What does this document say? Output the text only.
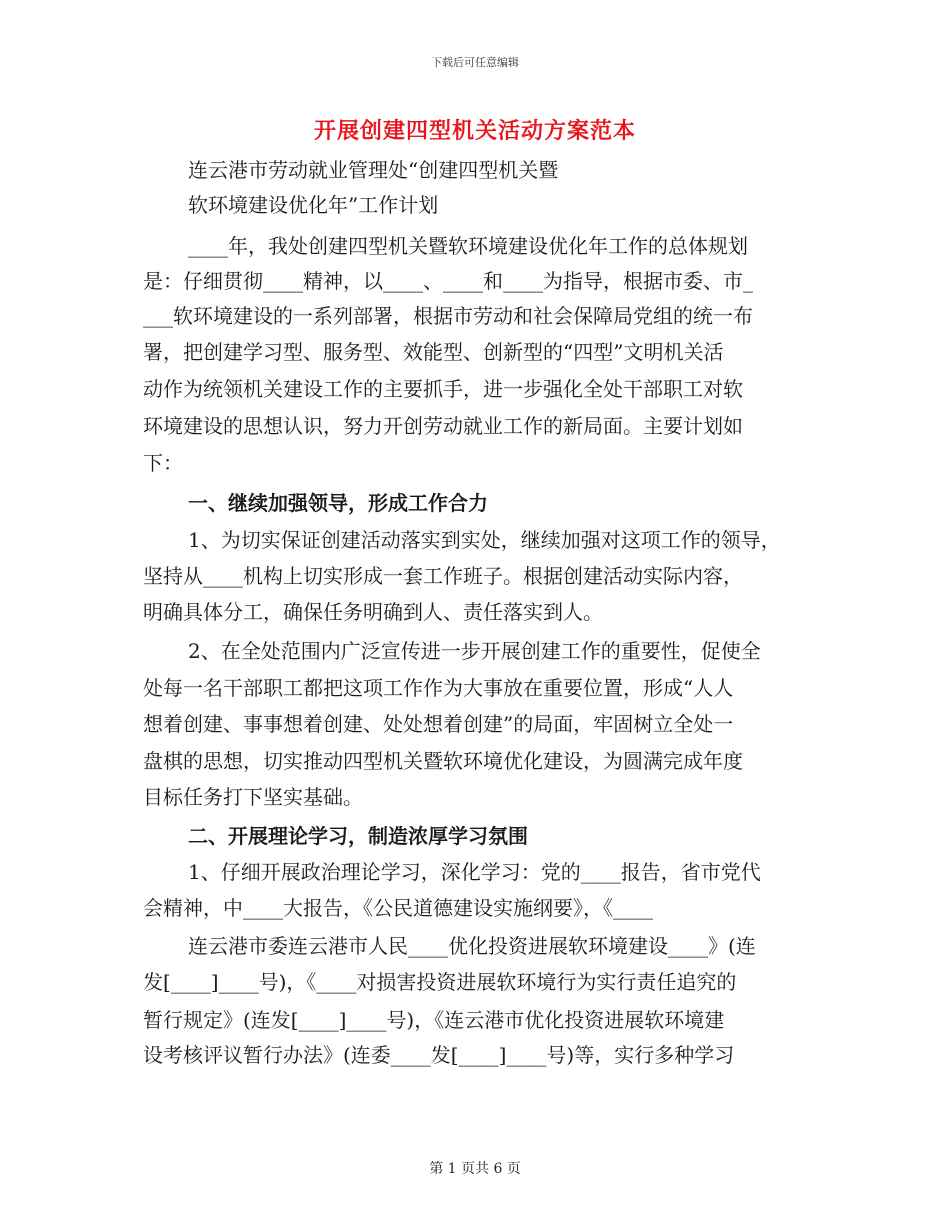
下载后可任意编辑
开展创建四型机关活动方案范本
连云港市劳动就业管理处“创建四型机关暨
软环境建设优化年”工作计划
____年，我处创建四型机关暨软环境建设优化年工作的总体规划
是：仔细贯彻____精神，以____、____和____为指导，根据市委、市_
___软环境建设的一系列部署，根据市劳动和社会保障局党组的统一布
署，把创建学习型、服务型、效能型、创新型的“四型”文明机关活
动作为统领机关建设工作的主要抓手，进一步强化全处干部职工对软
环境建设的思想认识，努力开创劳动就业工作的新局面。主要计划如
下：
一、继续加强领导，形成工作合力
1、为切实保证创建活动落实到实处，继续加强对这项工作的领导，
坚持从____机构上切实形成一套工作班子。根据创建活动实际内容，
明确具体分工，确保任务明确到人、责任落实到人。
2、在全处范围内广泛宣传进一步开展创建工作的重要性，促使全
处每一名干部职工都把这项工作作为大事放在重要位置，形成“人人
想着创建、事事想着创建、处处想着创建”的局面，牢固树立全处一
盘棋的思想，切实推动四型机关暨软环境优化建设，为圆满完成年度
目标任务打下坚实基础。
二、开展理论学习，制造浓厚学习氛围
1、仔细开展政治理论学习，深化学习：党的____报告，省市党代
会精神，中____大报告，《公民道德建设实施纲要》，《____
连云港市委连云港市人民____优化投资进展软环境建设____》(连
发[____]____号)，《____对损害投资进展软环境行为实行责任追究的
暂行规定》(连发[____]____号)，《连云港市优化投资进展软环境建
设考核评议暂行办法》(连委____发[____]____号)等，实行多种学习
第 1 页共 6 页
